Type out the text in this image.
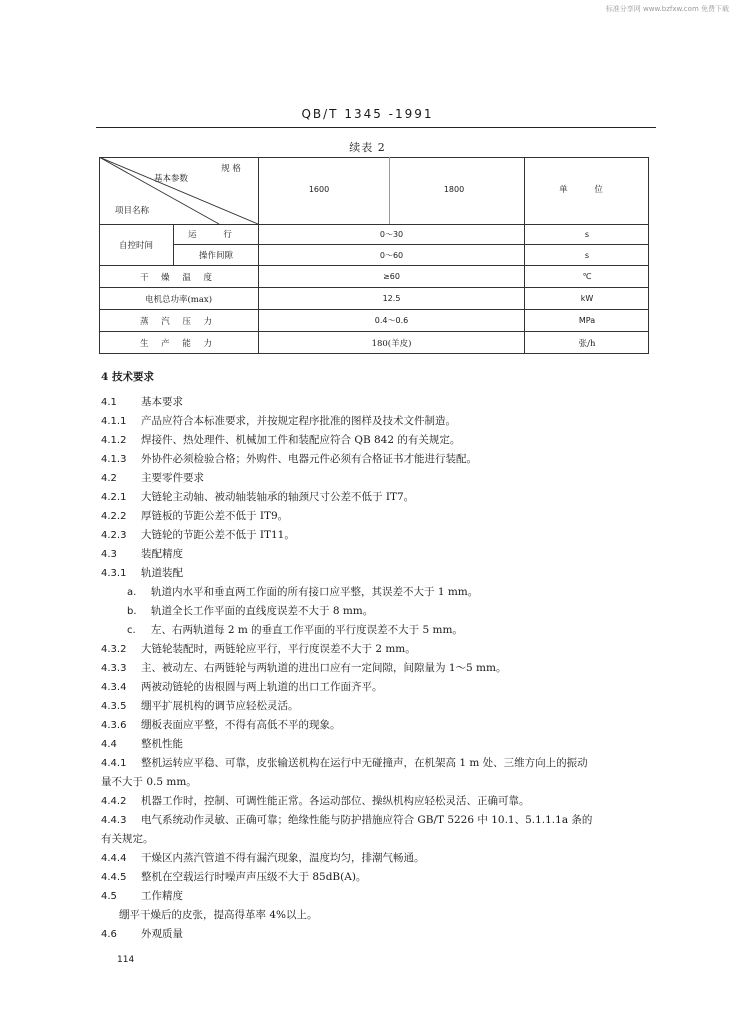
标准分享网 www.bzfxw.com 免费下载
QB/T 1345 -1991
续表 2
规 格
基本参数
项目名称
1600	1800	单 位
自控时间
运 行	0～30	s
操作间隙	0～60	s
干 燥 温 度	≥60	℃
电机总功率(max)	12.5	kW
蒸 汽 压 力	0.4～0.6	MPa
生 产 能 力	180(羊皮)	张/h
4 技术要求
4.1 基本要求
4.1.1 产品应符合本标准要求，并按规定程序批准的图样及技术文件制造。
4.1.2 焊接件、热处理件、机械加工件和装配应符合 QB 842 的有关规定。
4.1.3 外协件必须检验合格；外购件、电器元件必须有合格证书才能进行装配。
4.2 主要零件要求
4.2.1 大链轮主动轴、被动轴装轴承的轴颈尺寸公差不低于 IT7。
4.2.2 厚链板的节距公差不低于 IT9。
4.2.3 大链轮的节距公差不低于 IT11。
4.3 装配精度
4.3.1 轨道装配
a. 轨道内水平和垂直两工作面的所有接口应平整，其误差不大于 1 mm。
b. 轨道全长工作平面的直线度误差不大于 8 mm。
c. 左、右两轨道每 2 m 的垂直工作平面的平行度误差不大于 5 mm。
4.3.2 大链轮装配时，两链轮应平行，平行度误差不大于 2 mm。
4.3.3 主、被动左、右两链轮与两轨道的进出口应有一定间隙，间隙量为 1～5 mm。
4.3.4 两被动链轮的齿根圆与两上轨道的出口工作面齐平。
4.3.5 绷平扩展机构的调节应轻松灵活。
4.3.6 绷板表面应平整，不得有高低不平的现象。
4.4 整机性能
4.4.1 整机运转应平稳、可靠，皮张输送机构在运行中无碰撞声，在机架高 1 m 处、三维方向上的振动
量不大于 0.5 mm。
4.4.2 机器工作时，控制、可调性能正常。各运动部位、操纵机构应轻松灵活、正确可靠。
4.4.3 电气系统动作灵敏、正确可靠；绝缘性能与防护措施应符合 GB/T 5226 中 10.1、5.1.1.1a 条的
有关规定。
4.4.4 干燥区内蒸汽管道不得有漏汽现象，温度均匀，排潮气畅通。
4.4.5 整机在空载运行时噪声声压级不大于 85dB(A)。
4.5 工作精度
绷平干燥后的皮张，提高得革率 4%以上。
4.6 外观质量
114
